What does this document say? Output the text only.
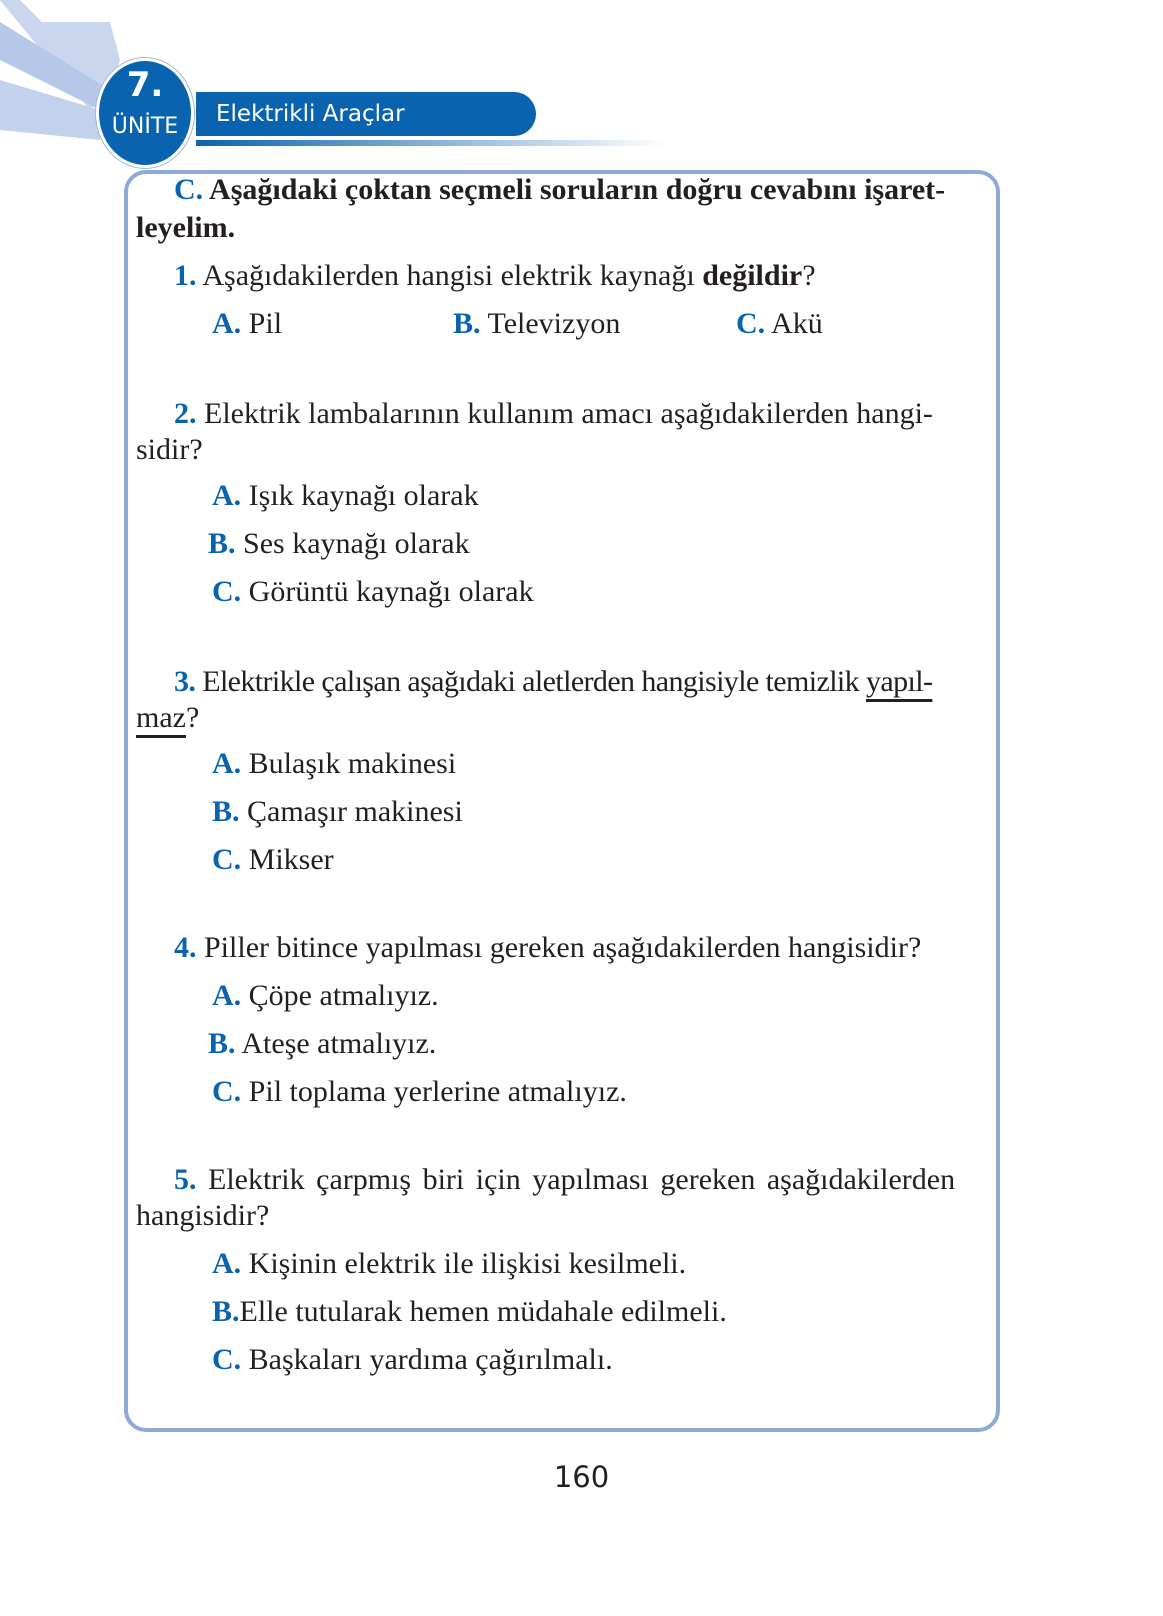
7.
ÜNİTE	Elektrikli Araçlar
C. Aşağıdaki çoktan seçmeli soruların doğru cevabını işaret-
leyelim.
1. Aşağıdakilerden hangisi elektrik kaynağı değildir?
A. Pil	B. Televizyon	C. Akü
2. Elektrik lambalarının kullanım amacı aşağıdakilerden hangi-
sidir?
A. Işık kaynağı olarak
B. Ses kaynağı olarak
C. Görüntü kaynağı olarak
3. Elektrikle çalışan aşağıdaki aletlerden hangisiyle temizlik yapıl-
maz?
A. Bulaşık makinesi
B. Çamaşır makinesi
C. Mikser
4. Piller bitince yapılması gereken aşağıdakilerden hangisidir?
A. Çöpe atmalıyız.
B. Ateşe atmalıyız.
C. Pil toplama yerlerine atmalıyız.
5. Elektrik çarpmış biri için yapılması gereken aşağıdakilerden
hangisidir?
A. Kişinin elektrik ile ilişkisi kesilmeli.
B.Elle tutularak hemen müdahale edilmeli.
C. Başkaları yardıma çağırılmalı.
160
